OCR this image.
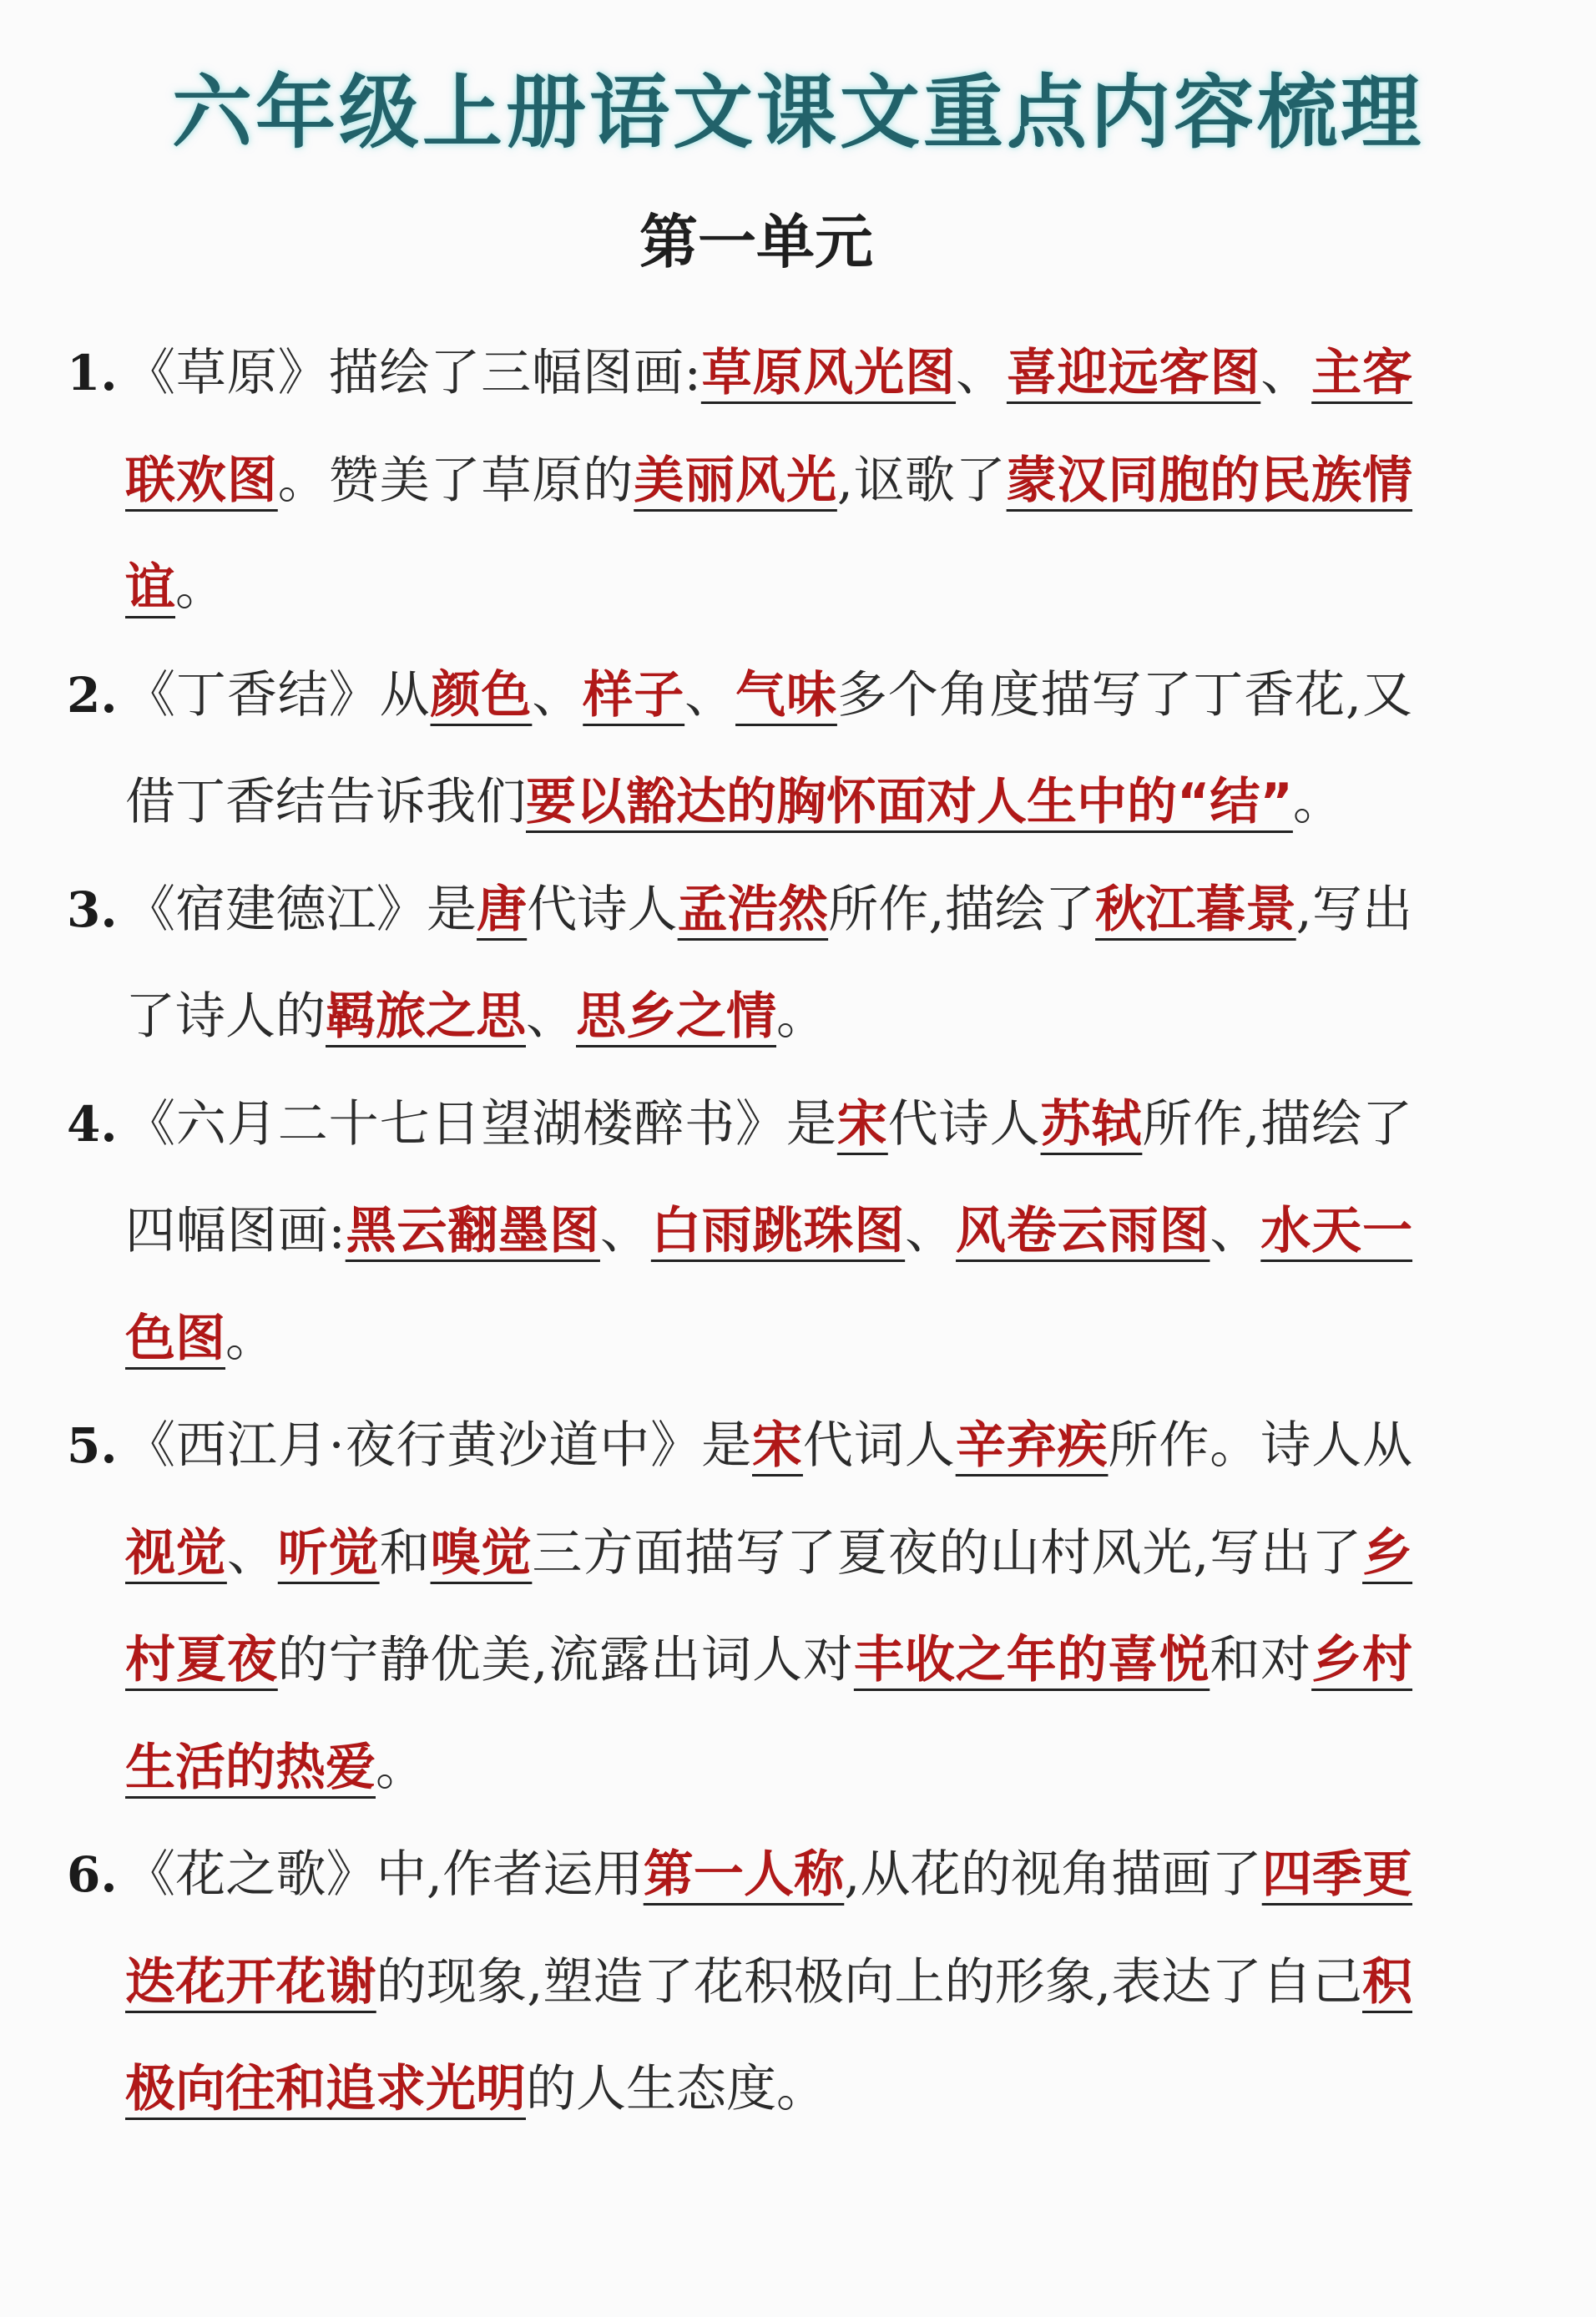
六年级上册语文课文重点内容梳理
第一单元
1. 《草原》描绘了三幅图画:草原风光图、喜迎远客图、主客联欢图。赞美了草原的美丽风光,讴歌了蒙汉同胞的民族情谊。
2. 《丁香结》从颜色、样子、气味多个角度描写了丁香花,又借丁香结告诉我们要以豁达的胸怀面对人生中的“结”。
3. 《宿建德江》是唐代诗人孟浩然所作,描绘了秋江暮景,写出了诗人的羁旅之思、思乡之情。
4. 《六月二十七日望湖楼醉书》是宋代诗人苏轼所作,描绘了四幅图画:黑云翻墨图、白雨跳珠图、风卷云雨图、水天一色图。
5. 《西江月·夜行黄沙道中》是宋代词人辛弃疾所作。诗人从视觉、听觉和嗅觉三方面描写了夏夜的山村风光,写出了乡村夏夜的宁静优美,流露出词人对丰收之年的喜悦和对乡村生活的热爱。
6. 《花之歌》中,作者运用第一人称,从花的视角描画了四季更迭花开花谢的现象,塑造了花积极向上的形象,表达了自己积极向往和追求光明的人生态度。
